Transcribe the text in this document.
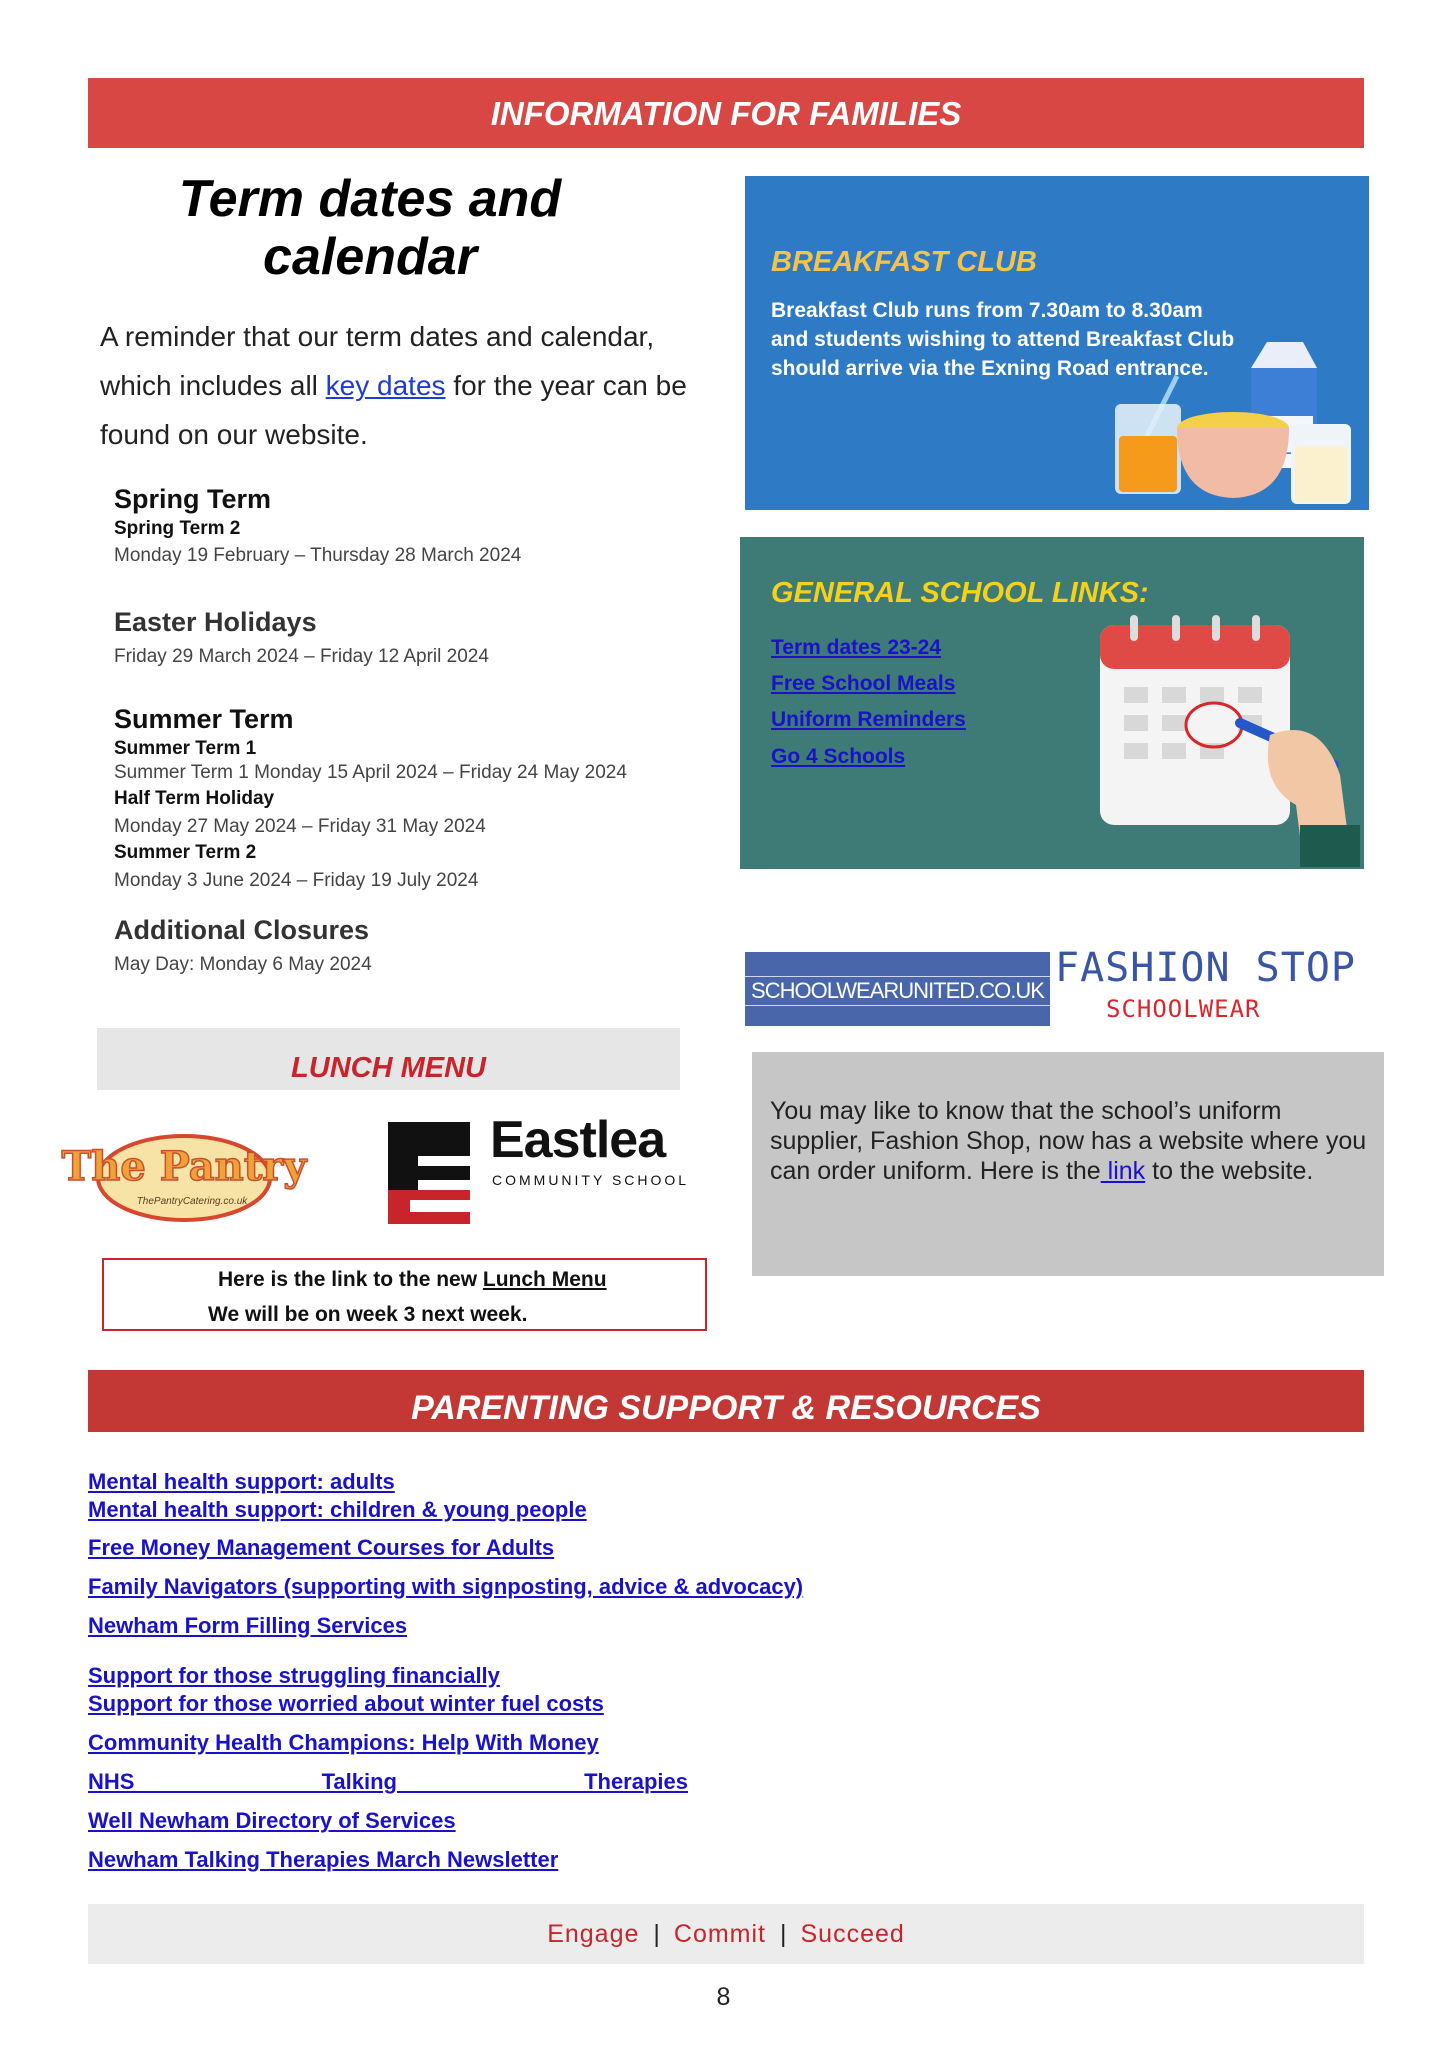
INFORMATION FOR FAMILIES
Term dates and
calendar
A reminder that our term dates and calendar, which includes all key dates for the year can be found on our website.
Spring Term
Spring Term 2
Monday 19 February – Thursday 28 March 2024
Easter Holidays
Friday 29 March 2024 – Friday 12 April 2024
Summer Term
Summer Term 1
Summer Term 1 Monday 15 April 2024 – Friday 24 May 2024
Half Term Holiday
Monday 27 May 2024 – Friday 31 May 2024
Summer Term 2
Monday 3 June 2024 – Friday 19 July 2024
Additional Closures
May Day: Monday 6 May 2024
BREAKFAST CLUB
Breakfast Club runs from 7.30am to 8.30am and students wishing to attend Breakfast Club should arrive via the Exning Road entrance.
GENERAL SCHOOL LINKS:
Term dates 23-24
Free School Meals
Uniform Reminders
Go 4 Schools
SCHOOLWEARUNITED.CO.UK FASHION STOP
SCHOOLWEAR
You may like to know that the school’s uniform supplier, Fashion Shop, now has a website where you can order uniform. Here is the link to the website.
LUNCH MENU
The Pantry
ThePantryCatering.co.uk
Eastlea
COMMUNITY SCHOOL
Here is the link to the new Lunch Menu
We will be on week 3 next week.
PARENTING SUPPORT & RESOURCES
Mental health support: adults
Mental health support: children & young people
Free Money Management Courses for Adults
Family Navigators (supporting with signposting, advice & advocacy)
Newham Form Filling Services
Support for those struggling financially
Support for those worried about winter fuel costs
Community Health Champions: Help With Money
NHS Talking Therapies
Well Newham Directory of Services
Newham Talking Therapies March Newsletter
Engage | Commit | Succeed
8
